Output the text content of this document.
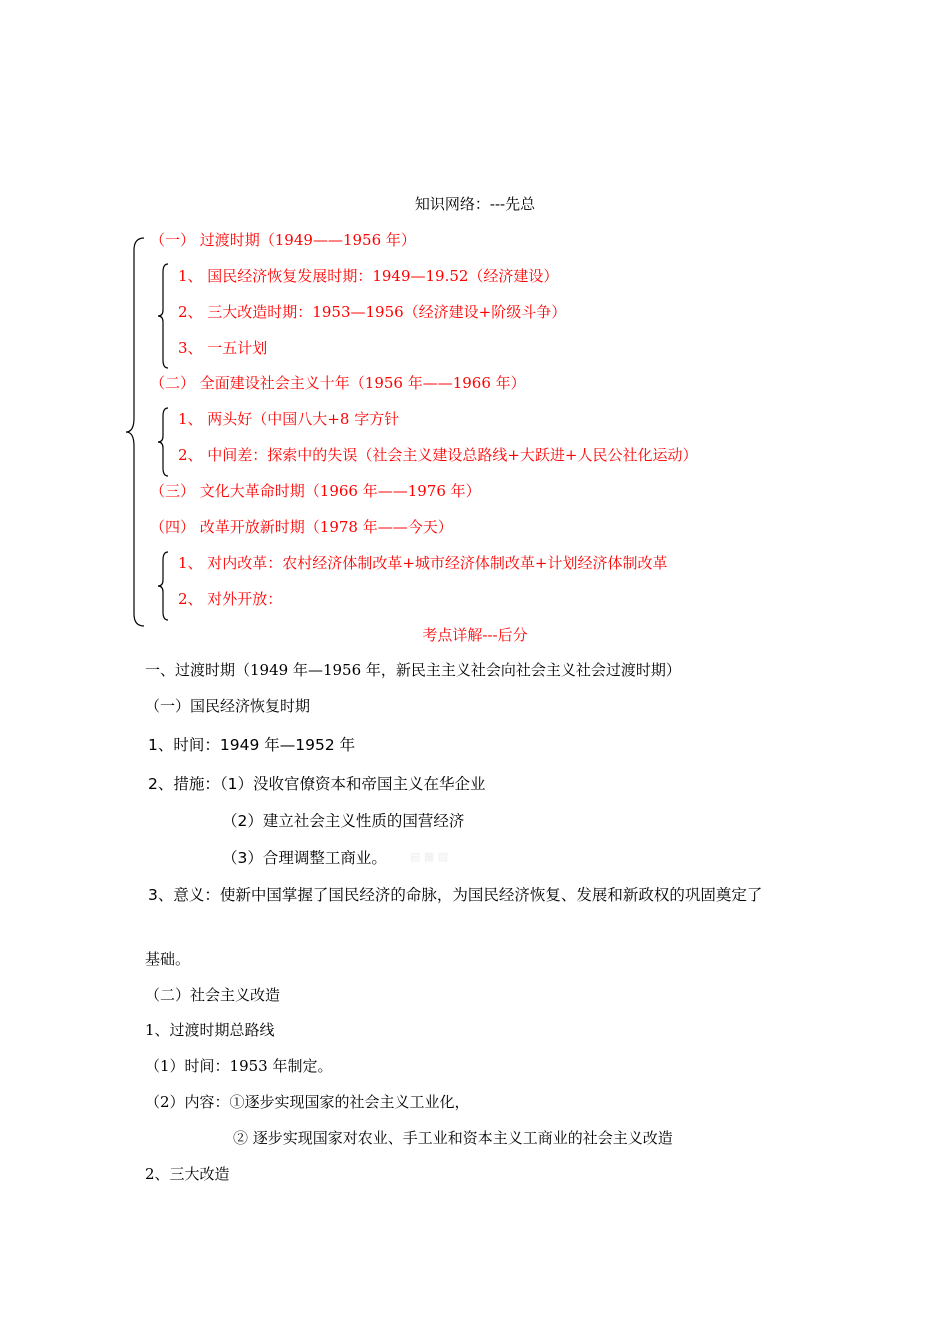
知识网络：---先总
（一） 过渡时期（1949——1956 年）
1、 国民经济恢复发展时期：1949—19.52（经济建设）
2、 三大改造时期：1953—1956（经济建设+阶级斗争）
3、 一五计划
（二） 全面建设社会主义十年（1956 年——1966 年）
1、 两头好（中国八大+8 字方针
2、 中间差：探索中的失误（社会主义建设总路线+大跃进+人民公社化运动）
（三） 文化大革命时期（1966 年——1976 年）
（四） 改革开放新时期（1978 年——今天）
1、 对内改革：农村经济体制改革+城市经济体制改革+计划经济体制改革
2、 对外开放：
考点详解---后分
一、过渡时期（1949 年—1956 年，新民主主义社会向社会主义社会过渡时期）
（一）国民经济恢复时期
▤ ▦ ▧
1、时间：1949 年—1952 年
2、措施：（1）没收官僚资本和帝国主义在华企业
（2）建立社会主义性质的国营经济
（3）合理调整工商业。
3、意义：使新中国掌握了国民经济的命脉，为国民经济恢复、发展和新政权的巩固奠定了
基础。
（二）社会主义改造
1、过渡时期总路线
（1）时间：1953 年制定。
（2）内容：①逐步实现国家的社会主义工业化，
② 逐步实现国家对农业、手工业和资本主义工商业的社会主义改造
2、三大改造
